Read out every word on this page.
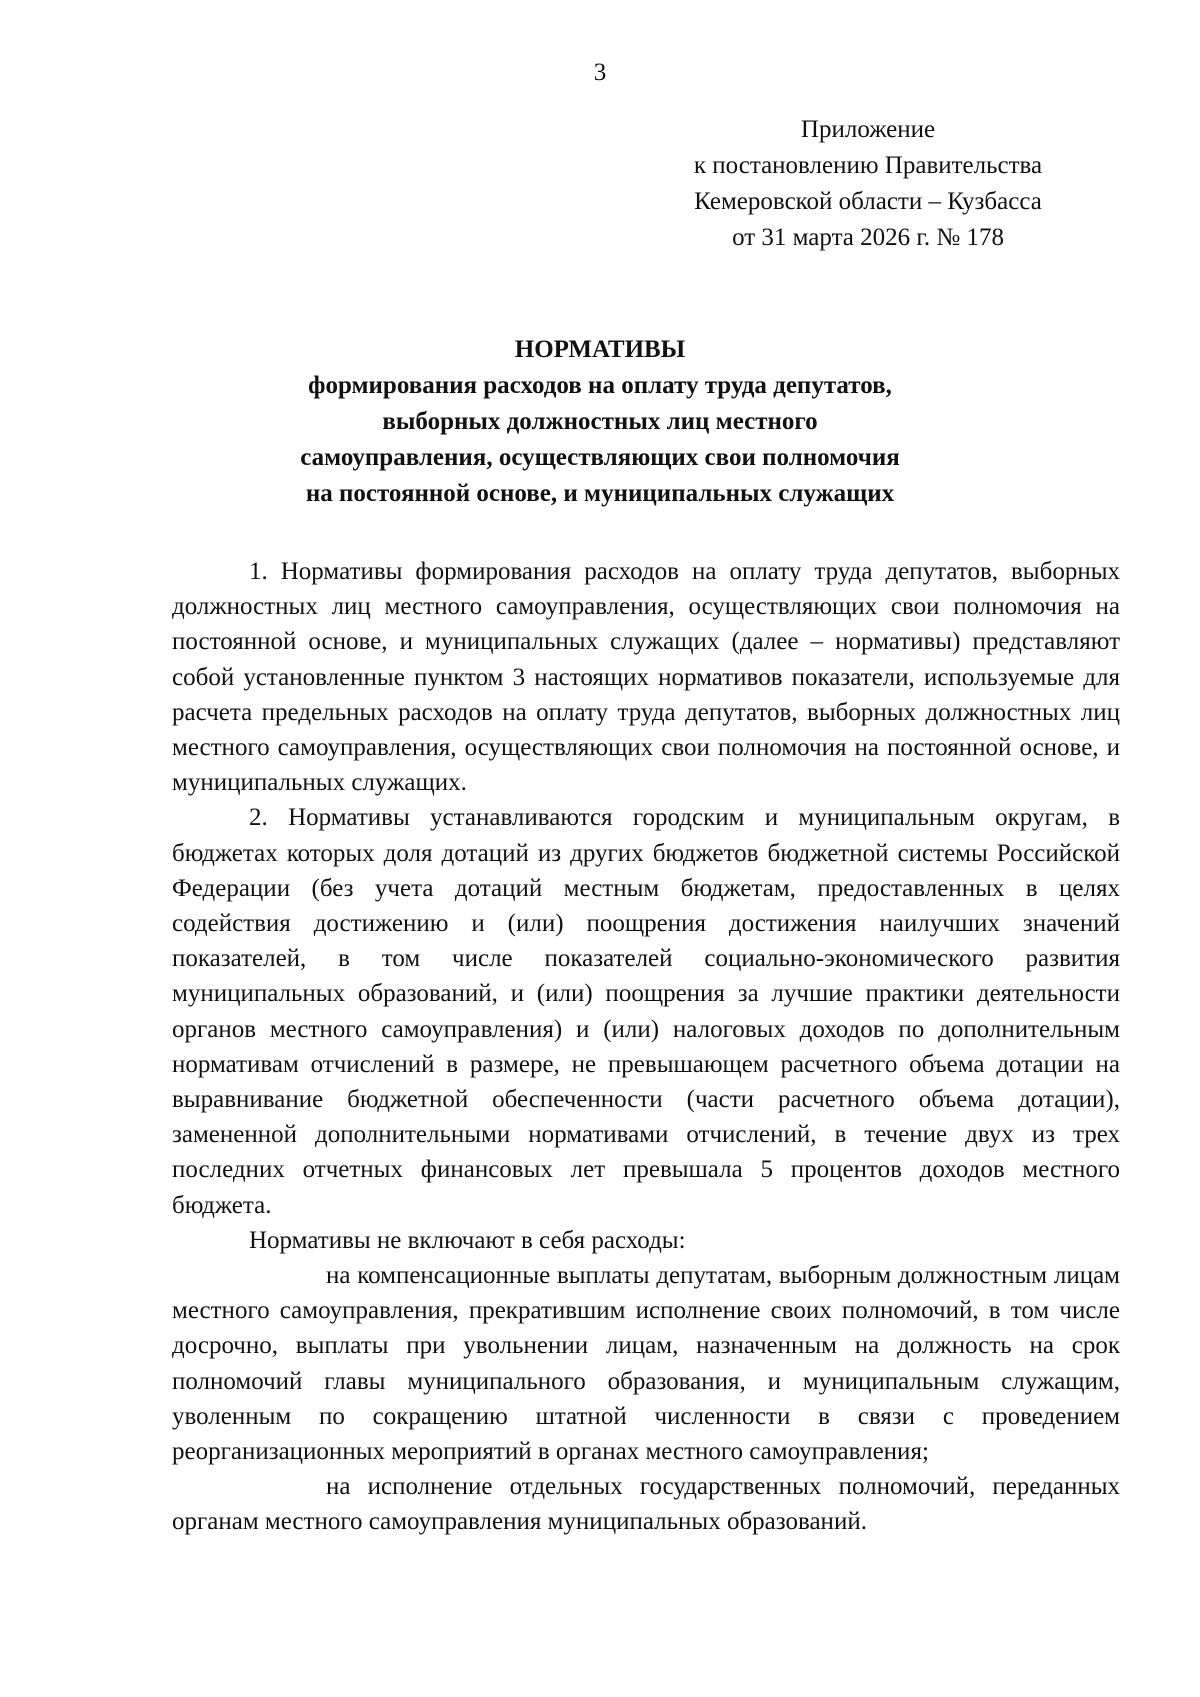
3
Приложение
к постановлению Правительства
Кемеровской области – Кузбасса
от 31 марта 2026 г. № 178
НОРМАТИВЫ
формирования расходов на оплату труда депутатов,
выборных должностных лиц местного
самоуправления, осуществляющих свои полномочия
на постоянной основе, и муниципальных служащих

1. Нормативы формирования расходов на оплату труда депутатов, выборных должностных лиц местного самоуправления, осуществляющих свои полномочия на постоянной основе, и муниципальных служащих (далее – нормативы) представляют собой установленные пунктом 3 настоящих нормативов показатели, используемые для расчета предельных расходов на оплату труда депутатов, выборных должностных лиц местного самоуправления, осуществляющих свои полномочия на постоянной основе, и муниципальных служащих.

2. Нормативы устанавливаются городским и муниципальным округам, в бюджетах которых доля дотаций из других бюджетов бюджетной системы Российской Федерации (без учета дотаций местным бюджетам, предоставленных в целях содействия достижению и (или) поощрения достижения наилучших значений показателей, в том числе показателей социально-экономического развития муниципальных образований, и (или) поощрения за лучшие практики деятельности органов местного самоуправления) и (или) налоговых доходов по дополнительным нормативам отчислений в размере, не превышающем расчетного объема дотации на выравнивание бюджетной обеспеченности (части расчетного объема дотации), замененной дополнительными нормативами отчислений, в течение двух из трех последних отчетных финансовых лет превышала 5 процентов доходов местного бюджета.

Нормативы не включают в себя расходы:

на компенсационные выплаты депутатам, выборным должностным лицам местного самоуправления, прекратившим исполнение своих полномочий, в том числе досрочно, выплаты при увольнении лицам, назначенным на должность на срок полномочий главы муниципального образования, и муниципальным служащим, уволенным по сокращению штатной численности в связи с проведением реорганизационных мероприятий в органах местного самоуправления;

на исполнение отдельных государственных полномочий, переданных органам местного самоуправления муниципальных образований.
